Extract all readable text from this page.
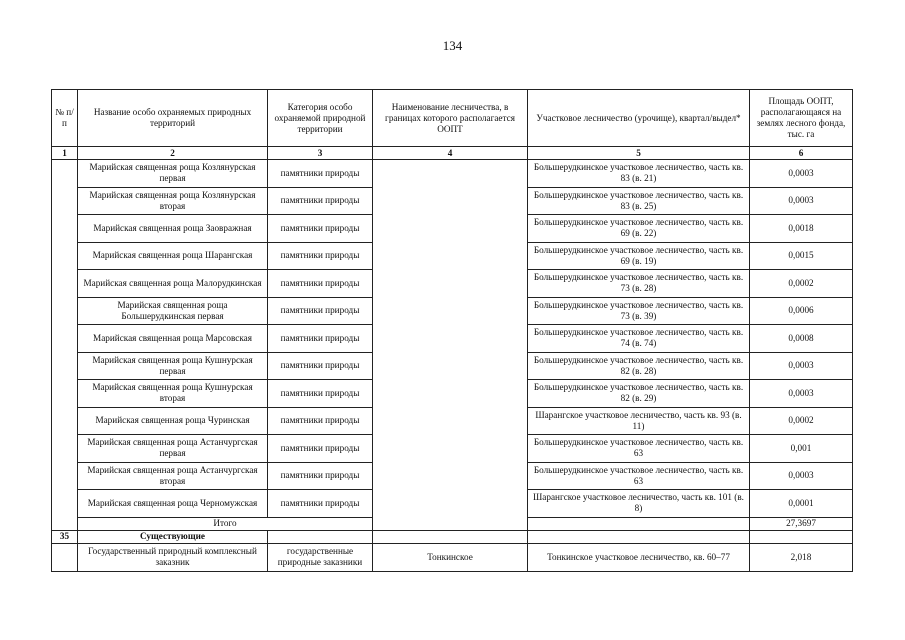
134
№ п/п	Название особо охраняемых природных территорий	Категория особо охраняемой природной территории	Наименование лесничества, в границах которого располагается ООПТ	Участковое лесничество (урочище), квартал/выдел*	Площадь ООПТ, располагающаяся на землях лесного фонда, тыс. га
1	2	3	4	5	6
	Марийская священная роща Козлянурская первая	памятники природы		Большерудкинское участковое лесничество, часть кв. 83 (в. 21)	0,0003
	Марийская священная роща Козлянурская вторая	памятники природы		Большерудкинское участковое лесничество, часть кв. 83 (в. 25)	0,0003
	Марийская священная роща Заовражная	памятники природы		Большерудкинское участковое лесничество, часть кв. 69 (в. 22)	0,0018
	Марийская священная роща Шарангская	памятники природы		Большерудкинское участковое лесничество, часть кв. 69 (в. 19)	0,0015
	Марийская священная роща Малорудкинская	памятники природы		Большерудкинское участковое лесничество, часть кв. 73 (в. 28)	0,0002
	Марийская священная роща Большерудкинская первая	памятники природы		Большерудкинское участковое лесничество, часть кв. 73 (в. 39)	0,0006
	Марийская священная роща Марсовская	памятники природы		Большерудкинское участковое лесничество, часть кв. 74 (в. 74)	0,0008
	Марийская священная роща Кушнурская первая	памятники природы		Большерудкинское участковое лесничество, часть кв. 82 (в. 28)	0,0003
	Марийская священная роща Кушнурская вторая	памятники природы		Большерудкинское участковое лесничество, часть кв. 82 (в. 29)	0,0003
	Марийская священная роща Чуринская	памятники природы		Шарангское участковое лесничество, часть кв. 93 (в. 11)	0,0002
	Марийская священная роща Астанчургская первая	памятники природы		Большерудкинское участковое лесничество, часть кв. 63	0,001
	Марийская священная роща Астанчургская вторая	памятники природы		Большерудкинское участковое лесничество, часть кв. 63	0,0003
	Марийская священная роща Черномужская	памятники природы		Шарангское участковое лесничество, часть кв. 101 (в. 8)	0,0001
	Итого				27,3697
35	Существующие				
	Государственный природный комплексный заказник	государственные природные заказники	Тонкинское	Тонкинское участковое лесничество, кв. 60–77	2,018
